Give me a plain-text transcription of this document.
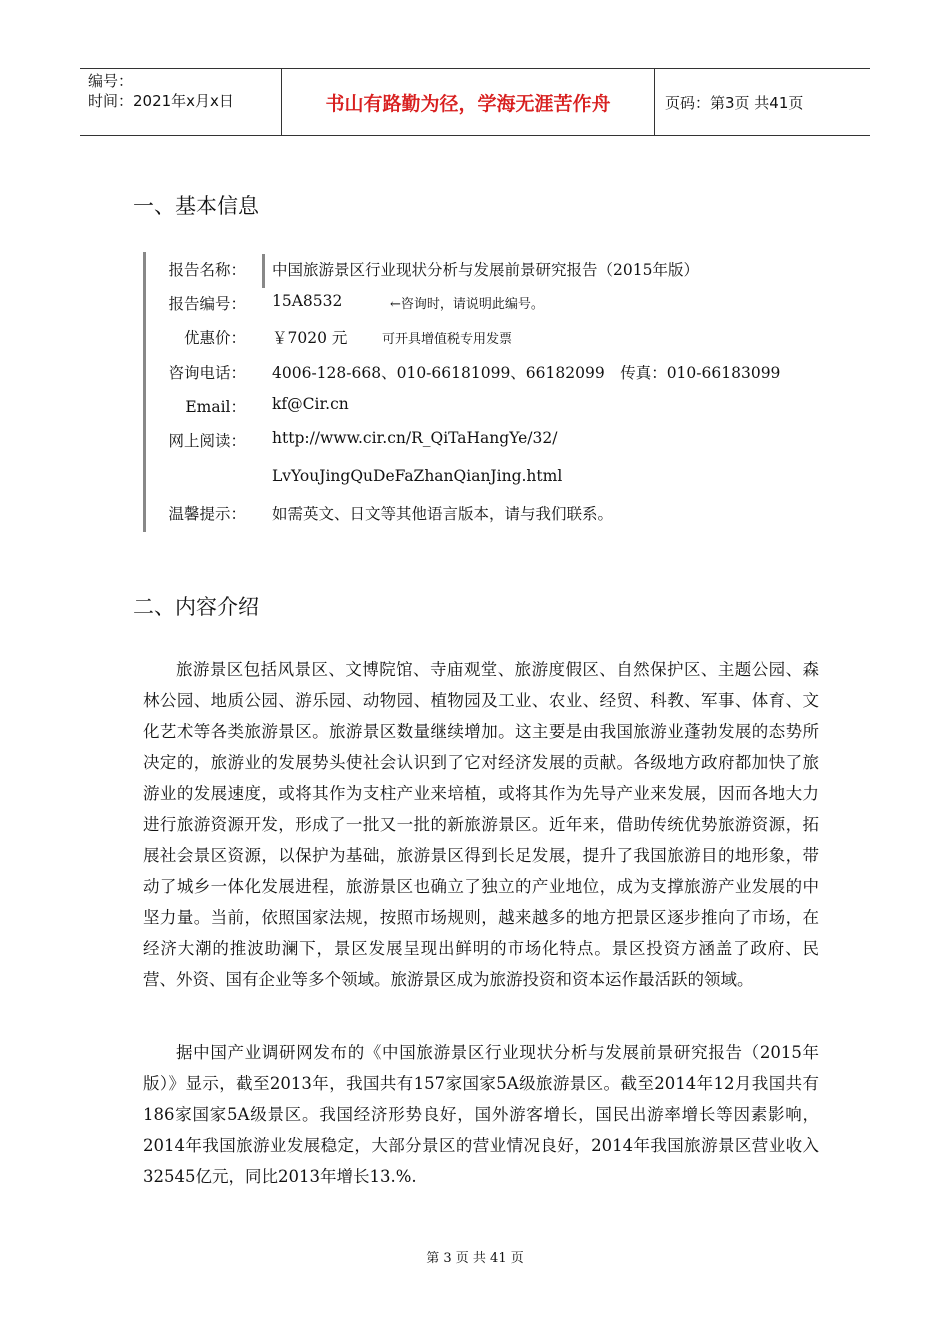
编号：
时间：2021年x月x日	书山有路勤为径，学海无涯苦作舟	页码：第3页 共41页
一、基本信息
报告名称： 中国旅游景区行业现状分析与发展前景研究报告（2015年版）
报告编号： 15A8532	←咨询时，请说明此编号。
优惠价： ￥7020 元	可开具增值税专用发票
咨询电话： 4006-128-668、010-66181099、66182099　传真：010-66183099
Email： kf@Cir.cn
网上阅读： http://www.cir.cn/R_QiTaHangYe/32/
LvYouJingQuDeFaZhanQianJing.html
温馨提示： 如需英文、日文等其他语言版本，请与我们联系。
二、内容介绍

旅游景区包括风景区、文博院馆、寺庙观堂、旅游度假区、自然保护区、主题公园、森林公园、地质公园、游乐园、动物园、植物园及工业、农业、经贸、科教、军事、体育、文化艺术等各类旅游景区。旅游景区数量继续增加。这主要是由我国旅游业蓬勃发展的态势所决定的，旅游业的发展势头使社会认识到了它对经济发展的贡献。各级地方政府都加快了旅游业的发展速度，或将其作为支柱产业来培植，或将其作为先导产业来发展，因而各地大力进行旅游资源开发，形成了一批又一批的新旅游景区。近年来，借助传统优势旅游资源，拓展社会景区资源，以保护为基础，旅游景区得到长足发展，提升了我国旅游目的地形象，带动了城乡一体化发展进程，旅游景区也确立了独立的产业地位，成为支撑旅游产业发展的中坚力量。当前，依照国家法规，按照市场规则，越来越多的地方把景区逐步推向了市场，在经济大潮的推波助澜下，景区发展呈现出鲜明的市场化特点。景区投资方涵盖了政府、民营、外资、国有企业等多个领域。旅游景区成为旅游投资和资本运作最活跃的领域。

据中国产业调研网发布的《中国旅游景区行业现状分析与发展前景研究报告（2015年版）》显示，截至2013年，我国共有157家国家5A级旅游景区。截至2014年12月我国共有186家国家5A级景区。我国经济形势良好，国外游客增长，国民出游率增长等因素影响，2014年我国旅游业发展稳定，大部分景区的营业情况良好，2014年我国旅游景区营业收入32545亿元，同比2013年增长13.%.

第 3 页 共 41 页
